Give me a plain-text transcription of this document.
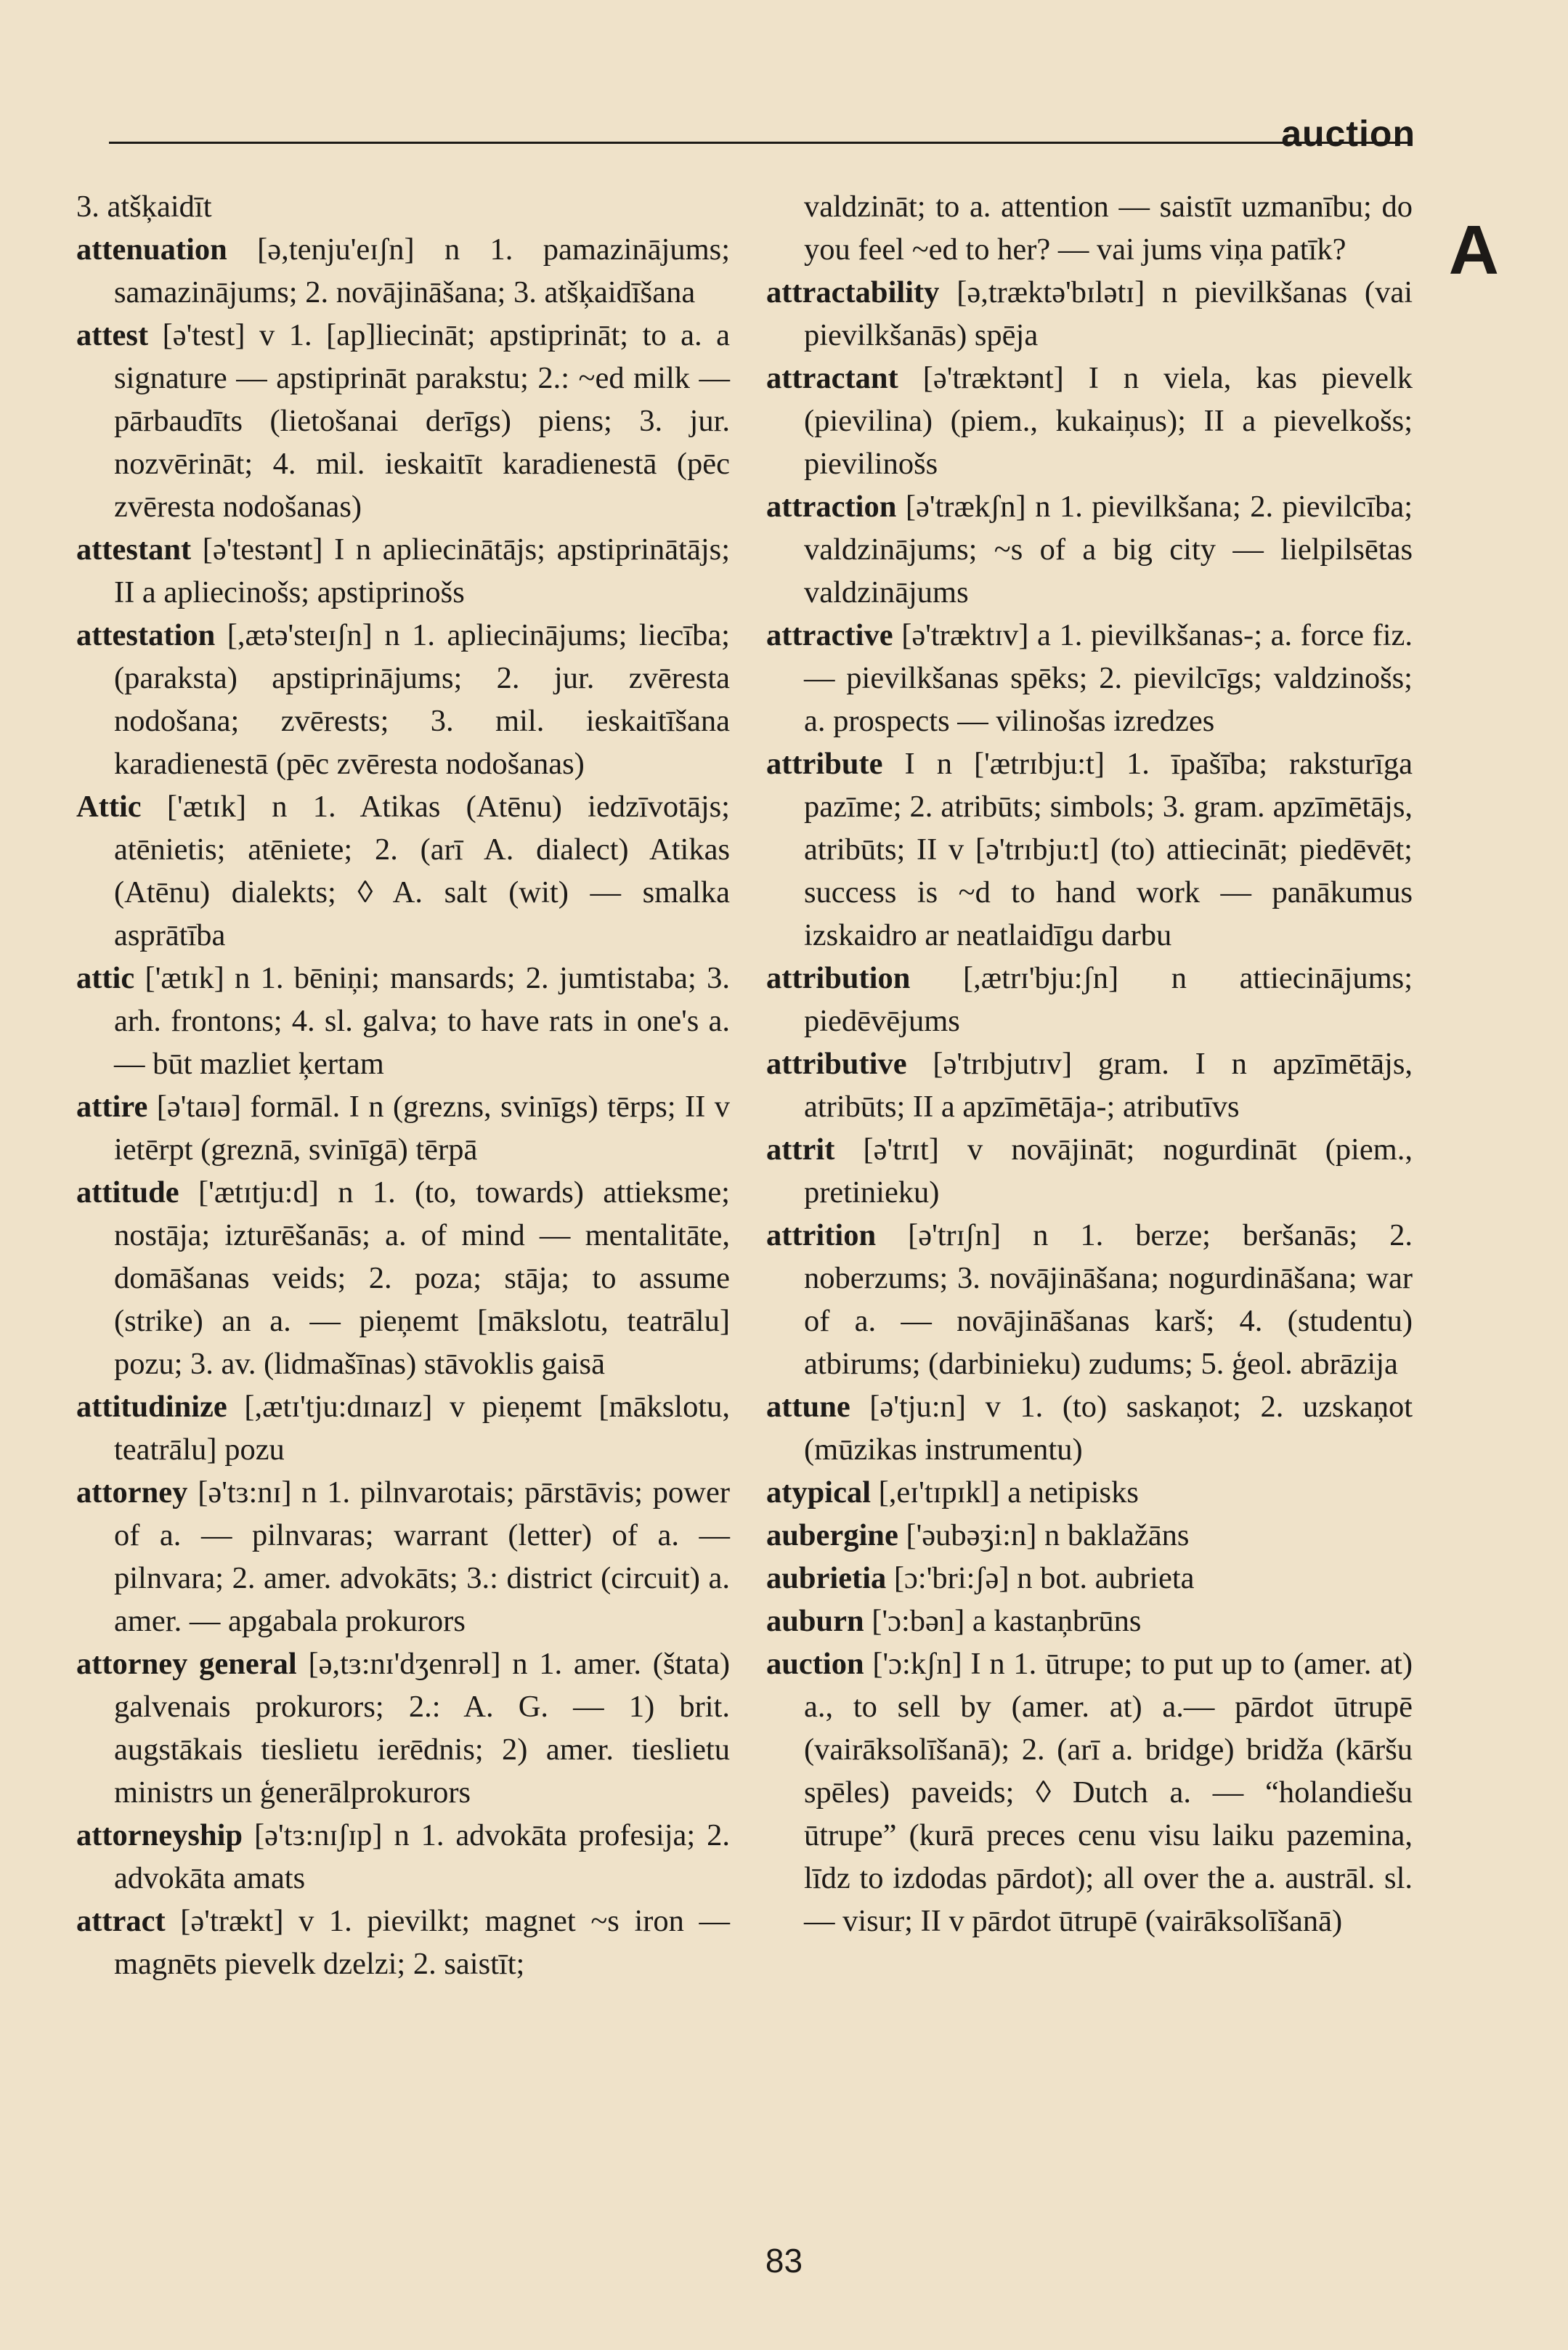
auction
A

3. atšķaidīt

attenuation [ə,tenju'eɪʃn] n 1. pamazinājums; samazinājums; 2. novājināšana; 3. atšķaidīšana

attest [ə'test] v 1. [ap]liecināt; apstiprināt; to a. a signature — apstiprināt parakstu; 2.: ~ed milk — pārbaudīts (lietošanai derīgs) piens; 3. jur. nozvērināt; 4. mil. ieskaitīt karadienestā (pēc zvēresta nodošanas)

attestant [ə'testənt] I n apliecinātājs; apstiprinātājs; II a apliecinošs; apstiprinošs

attestation [,ætə'steɪʃn] n 1. apliecinājums; liecība; (paraksta) apstiprinājums; 2. jur. zvēresta nodošana; zvērests; 3. mil. ieskaitīšana karadienestā (pēc zvēresta nodošanas)

Attic ['ætɪk] n 1. Atikas (Atēnu) iedzīvotājs; atēnietis; atēniete; 2. (arī A. dialect) Atikas (Atēnu) dialekts; ◊ A. salt (wit) — smalka asprātība

attic ['ætɪk] n 1. bēniņi; mansards; 2. jumtistaba; 3. arh. frontons; 4. sl. galva; to have rats in one's a. — būt mazliet ķertam

attire [ə'taɪə] formāl. I n (grezns, svinīgs) tērps; II v ietērpt (greznā, svinīgā) tērpā

attitude ['ætɪtju:d] n 1. (to, towards) attieksme; nostāja; izturēšanās; a. of mind — mentalitāte, domāšanas veids; 2. poza; stāja; to assume (strike) an a. — pieņemt [mākslotu, teatrālu] pozu; 3. av. (lidmašīnas) stāvoklis gaisā

attitudinize [,ætɪ'tju:dɪnaɪz] v pieņemt [mākslotu, teatrālu] pozu

attorney [ə'tɜ:nɪ] n 1. pilnvarotais; pārstāvis; power of a. — pilnvaras; warrant (letter) of a. — pilnvara; 2. amer. advokāts; 3.: district (circuit) a. amer. — apgabala prokurors

attorney general [ə,tɜ:nɪ'dʒenrəl] n 1. amer. (štata) galvenais prokurors; 2.: A. G. — 1) brit. augstākais tieslietu ierēdnis; 2) amer. tieslietu ministrs un ģenerālprokurors

attorneyship [ə'tɜ:nɪʃɪp] n 1. advokāta profesija; 2. advokāta amats

attract [ə'trækt] v 1. pievilkt; magnet ~s iron — magnēts pievelk dzelzi; 2. saistīt;

valdzināt; to a. attention — saistīt uzmanību; do you feel ~ed to her? — vai jums viņa patīk?

attractability [ə,træktə'bɪlətɪ] n pievilkšanas (vai pievilkšanās) spēja

attractant [ə'træktənt] I n viela, kas pievelk (pievilina) (piem., kukaiņus); II a pievelkošs; pievilinošs

attraction [ə'trækʃn] n 1. pievilkšana; 2. pievilcība; valdzinājums; ~s of a big city — lielpilsētas valdzinājums

attractive [ə'træktɪv] a 1. pievilkšanas-; a. force fiz.— pievilkšanas spēks; 2. pievilcīgs; valdzinošs; a. prospects — vilinošas izredzes

attribute I n ['ætrɪbju:t] 1. īpašība; raksturīga pazīme; 2. atribūts; simbols; 3. gram. apzīmētājs, atribūts; II v [ə'trɪbju:t] (to) attiecināt; piedēvēt; success is ~d to hand work — panākumus izskaidro ar neatlaidīgu darbu

attribution [,ætrɪ'bju:ʃn] n attiecinājums; piedēvējums

attributive [ə'trɪbjutɪv] gram. I n apzīmētājs, atribūts; II a apzīmētāja-; atributīvs

attrit [ə'trɪt] v novājināt; nogurdināt (piem., pretinieku)

attrition [ə'trɪʃn] n 1. berze; beršanās; 2. noberzums; 3. novājināšana; nogurdināšana; war of a. — novājināšanas karš; 4. (studentu) atbirums; (darbinieku) zudums; 5. ģeol. abrāzija

attune [ə'tju:n] v 1. (to) saskaņot; 2. uzskaņot (mūzikas instrumentu)

atypical [,eɪ'tɪpɪkl] a netipisks

aubergine ['əubəʒi:n] n baklažāns

aubrietia [ɔ:'bri:ʃə] n bot. aubrieta

auburn ['ɔ:bən] a kastaņbrūns

auction ['ɔ:kʃn] I n 1. ūtrupe; to put up to (amer. at) a., to sell by (amer. at) a.— pārdot ūtrupē (vairāksolīšanā); 2. (arī a. bridge) bridža (kāršu spēles) paveids; ◊ Dutch a. — “holandiešu ūtrupe” (kurā preces cenu visu laiku pazemina, līdz to izdodas pārdot); all over the a. austrāl. sl. — visur; II v pārdot ūtrupē (vairāksolīšanā)

83
